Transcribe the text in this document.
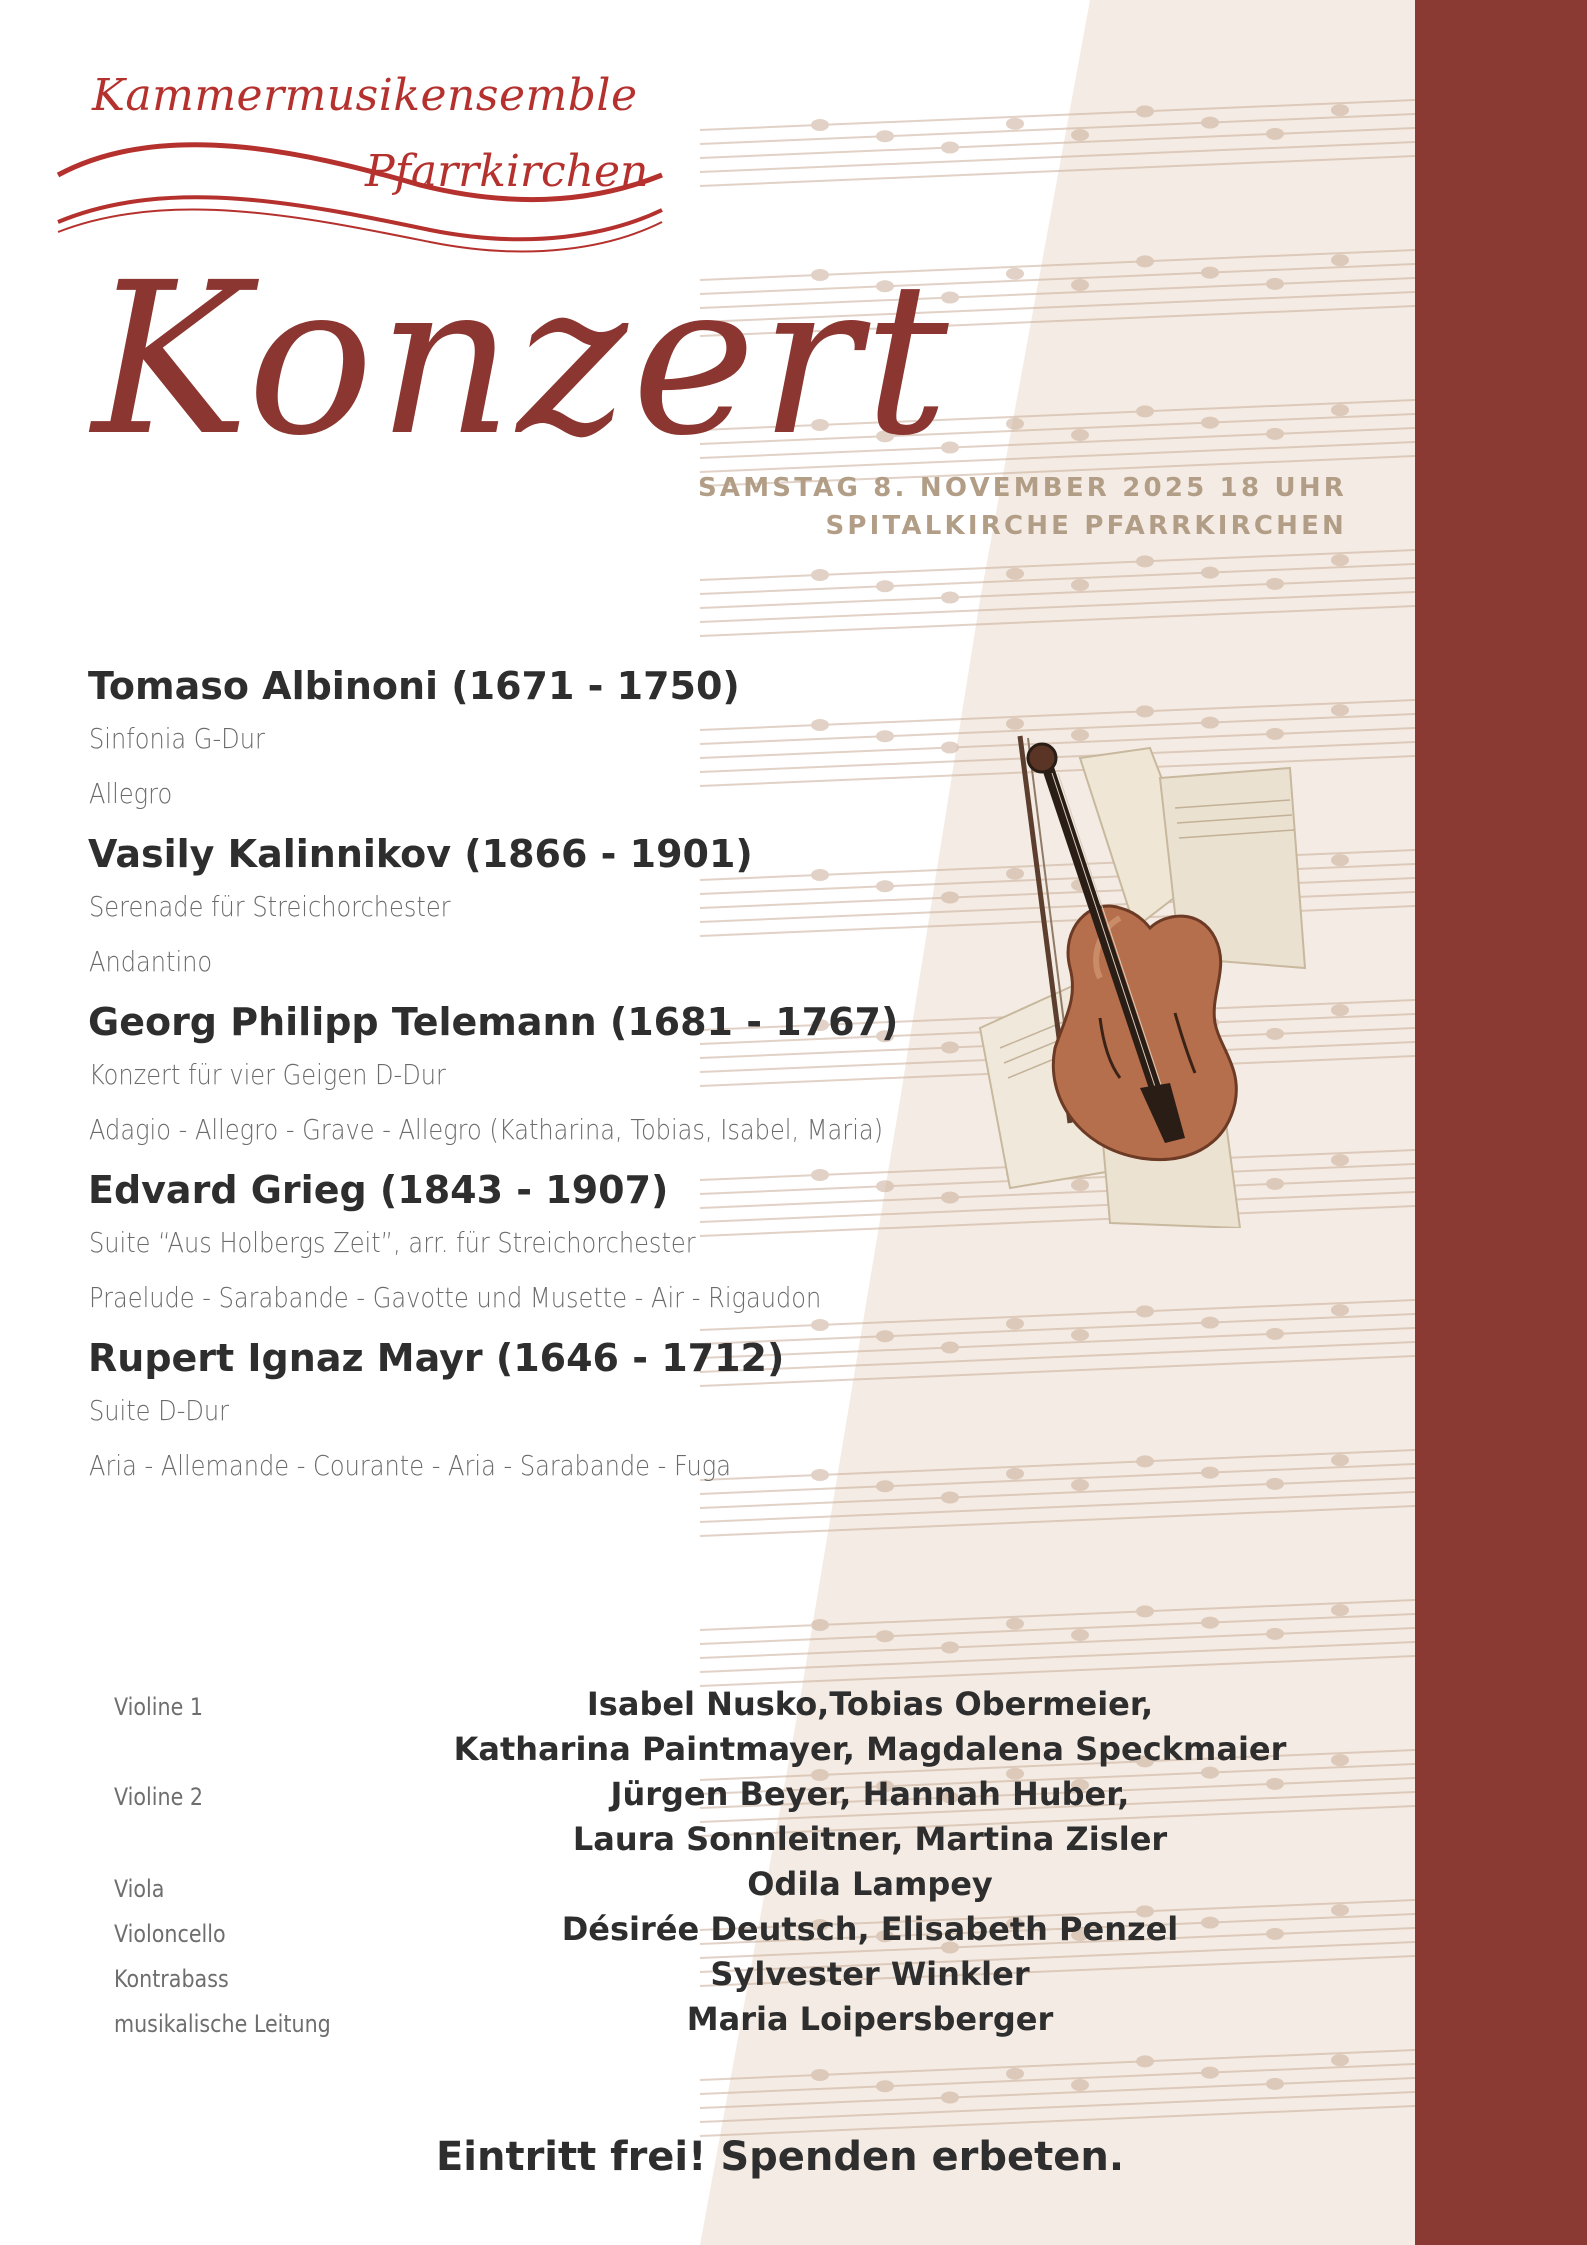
Kammermusikensemble
Pfarrkirchen
Konzert
SAMSTAG 8. NOVEMBER 2025 18 UHR
SPITALKIRCHE PFARRKIRCHEN
Tomaso Albinoni (1671 - 1750)
Sinfonia G-Dur
Allegro
Vasily Kalinnikov (1866 - 1901)
Serenade für Streichorchester
Andantino
Georg Philipp Telemann (1681 - 1767)
Konzert für vier Geigen D-Dur
Adagio - Allegro - Grave - Allegro (Katharina, Tobias, Isabel, Maria)
Edvard Grieg (1843 - 1907)
Suite “Aus Holbergs Zeit”, arr. für Streichorchester
Praelude - Sarabande - Gavotte und Musette - Air - Rigaudon
Rupert Ignaz Mayr (1646 - 1712)
Suite D-Dur
Aria - Allemande - Courante - Aria - Sarabande - Fuga
Violine 1
Violine 2
Viola
Violoncello
Kontrabass
musikalische Leitung
Isabel Nusko,Tobias Obermeier,
Katharina Paintmayer, Magdalena Speckmaier
Jürgen Beyer, Hannah Huber,
Laura Sonnleitner, Martina Zisler
Odila Lampey
Désirée Deutsch, Elisabeth Penzel
Sylvester Winkler
Maria Loipersberger
Eintritt frei! Spenden erbeten.
